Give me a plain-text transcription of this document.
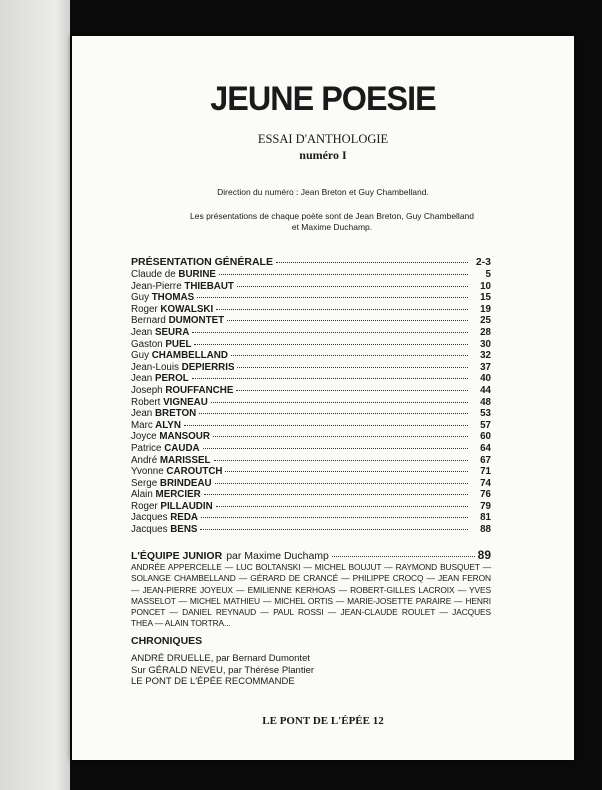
JEUNE POESIE
ESSAI D'ANTHOLOGIE
numéro I
Direction du numéro : Jean Breton et Guy Chambelland.
Les présentations de chaque poète sont de Jean Breton, Guy Chambelland
et Maxime Duchamp.
PRÉSENTATION GÉNÉRALE	2-3
Claude de BURINE	5
Jean-Pierre THIEBAUT	10
Guy THOMAS	15
Roger KOWALSKI	19
Bernard DUMONTET	25
Jean SEURA	28
Gaston PUEL	30
Guy CHAMBELLAND	32
Jean-Louis DEPIERRIS	37
Jean PEROL	40
Joseph ROUFFANCHE	44
Robert VIGNEAU	48
Jean BRETON	53
Marc ALYN	57
Joyce MANSOUR	60
Patrice CAUDA	64
André MARISSEL	67
Yvonne CAROUTCH	71
Serge BRINDEAU	74
Alain MERCIER	76
Roger PILLAUDIN	79
Jacques REDA	81
Jacques BENS	88
L'ÉQUIPE JUNIOR par Maxime Duchamp	89
ANDRÉE APPERCELLE — LUC BOLTANSKI — MICHEL BOUJUT — RAYMOND BUSQUET — SOLANGE CHAMBELLAND — GÉRARD DE CRANCÉ — PHILIPPE CROCQ — JEAN FERON — JEAN-PIERRE JOYEUX — EMILIENNE KERHOAS — ROBERT-GILLES LACROIX — YVES MASSELOT — MICHEL MATHIEU — MICHEL ORTIS — MARIE-JOSETTE PARAIRE — HENRI PONCET — DANIEL REYNAUD — PAUL ROSSI — JEAN-CLAUDE ROULET — JACQUES THEA — ALAIN TORTRA...
CHRONIQUES
ANDRÉ DRUELLE, par Bernard Dumontet
Sur GÉRALD NEVEU, par Thérèse Plantier
LE PONT DE L'ÉPÉE RECOMMANDE
LE PONT DE L'ÉPÉE 12
